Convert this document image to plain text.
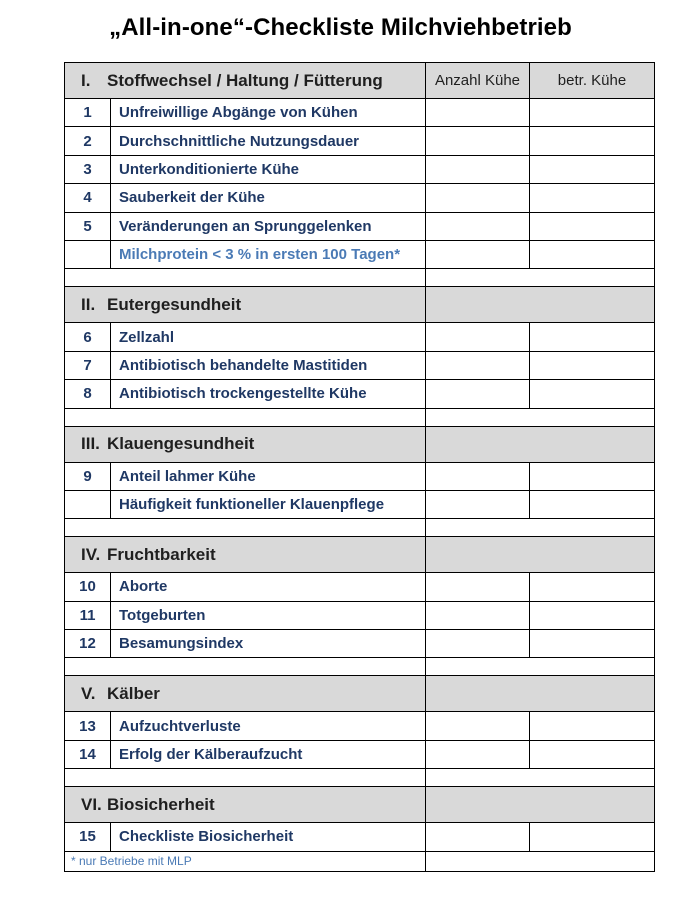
„All-in-one“-Checkliste Milchviehbetrieb
I. Stoffwechsel / Haltung / Fütterung		Anzahl Kühe	betr. Kühe
1	Unfreiwillige Abgänge von Kühen		
2	Durchschnittliche Nutzungsdauer		
3	Unterkonditionierte Kühe		
4	Sauberkeit der Kühe		
5	Veränderungen an Sprunggelenken		
	Milchprotein < 3 % in ersten 100 Tagen*		

II. Eutergesundheit			
6	Zellzahl		
7	Antibiotisch behandelte Mastitiden		
8	Antibiotisch trockengestellte Kühe		

III. Klauengesundheit			
9	Anteil lahmer Kühe		
	Häufigkeit funktioneller Klauenpflege		

IV. Fruchtbarkeit			
10	Aborte		
11	Totgeburten		
12	Besamungsindex		

V. Kälber			
13	Aufzuchtverluste		
14	Erfolg der Kälberaufzucht		

VI. Biosicherheit			
15	Checkliste Biosicherheit		
* nur Betriebe mit MLP			
